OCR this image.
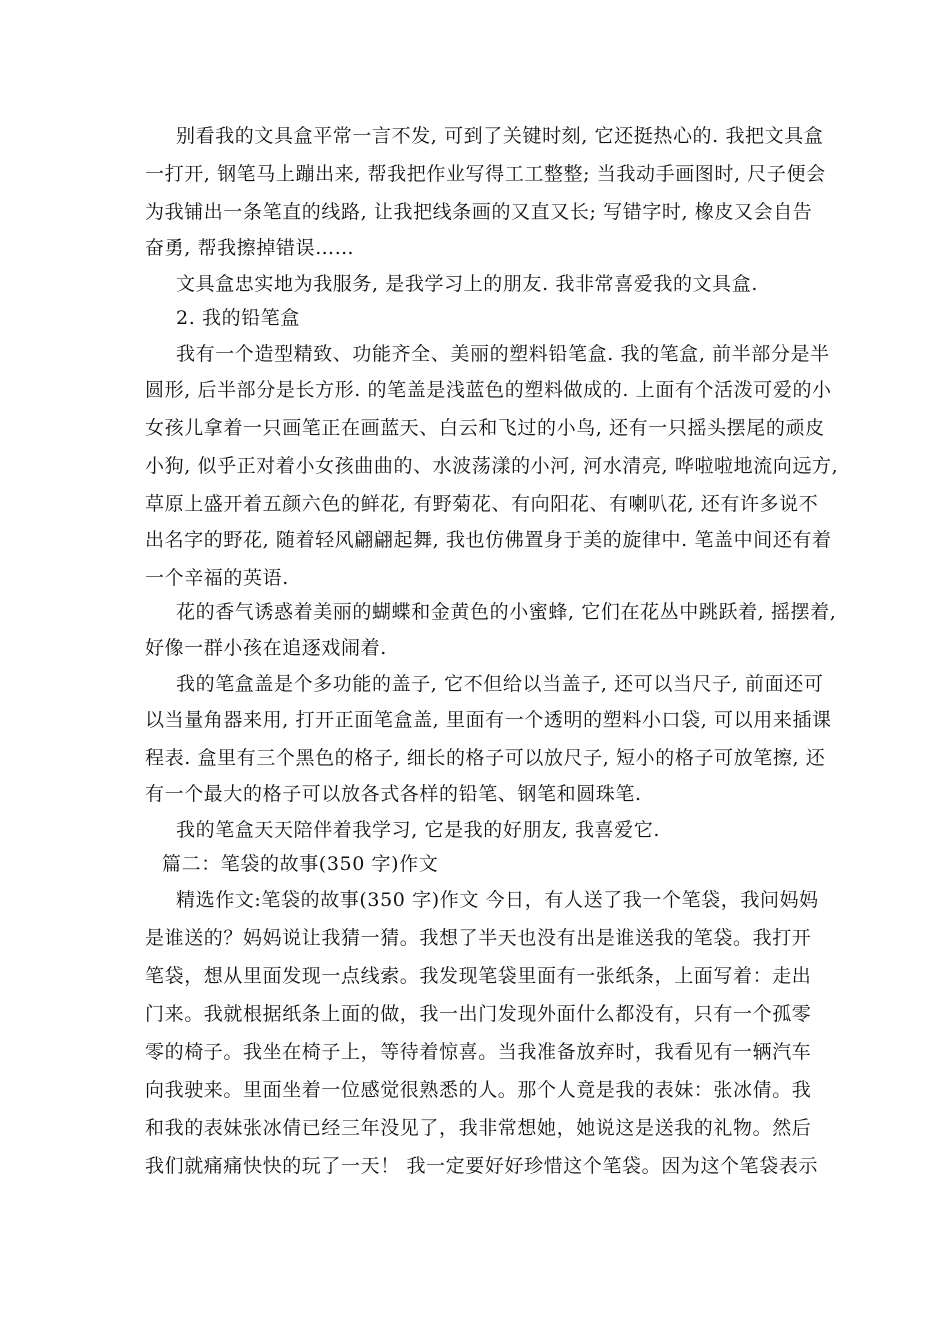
别看我的文具盒平常一言不发, 可到了关键时刻, 它还挺热心的. 我把文具盒
一打开, 钢笔马上蹦出来, 帮我把作业写得工工整整; 当我动手画图时, 尺子便会
为我铺出一条笔直的线路, 让我把线条画的又直又长; 写错字时, 橡皮又会自告
奋勇, 帮我擦掉错误……
文具盒忠实地为我服务, 是我学习上的朋友. 我非常喜爱我的文具盒.
2. 我的铅笔盒
我有一个造型精致、功能齐全、美丽的塑料铅笔盒. 我的笔盒, 前半部分是半
圆形, 后半部分是长方形. 的笔盖是浅蓝色的塑料做成的. 上面有个活泼可爱的小
女孩儿拿着一只画笔正在画蓝天、白云和飞过的小鸟, 还有一只摇头摆尾的顽皮
小狗, 似乎正对着小女孩曲曲的、水波荡漾的小河, 河水清亮, 哗啦啦地流向远方,
草原上盛开着五颜六色的鲜花, 有野菊花、有向阳花、有喇叭花, 还有许多说不
出名字的野花, 随着轻风翩翩起舞, 我也仿佛置身于美的旋律中. 笔盖中间还有着
一个辛福的英语.
花的香气诱惑着美丽的蝴蝶和金黄色的小蜜蜂, 它们在花丛中跳跃着, 摇摆着,
好像一群小孩在追逐戏闹着.
我的笔盒盖是个多功能的盖子, 它不但给以当盖子, 还可以当尺子, 前面还可
以当量角器来用, 打开正面笔盒盖, 里面有一个透明的塑料小口袋, 可以用来插课
程表. 盒里有三个黑色的格子, 细长的格子可以放尺子, 短小的格子可放笔擦, 还
有一个最大的格子可以放各式各样的铅笔、钢笔和圆珠笔.
我的笔盒天天陪伴着我学习, 它是我的好朋友, 我喜爱它.
篇二：笔袋的故事(350 字)作文
精选作文:笔袋的故事(350 字)作文 今日，有人送了我一个笔袋，我问妈妈
是谁送的？妈妈说让我猜一猜。我想了半天也没有出是谁送我的笔袋。我打开
笔袋，想从里面发现一点线索。我发现笔袋里面有一张纸条，上面写着：走出
门来。我就根据纸条上面的做，我一出门发现外面什么都没有，只有一个孤零
零的椅子。我坐在椅子上，等待着惊喜。当我准备放弃时，我看见有一辆汽车
向我驶来。里面坐着一位感觉很熟悉的人。那个人竟是我的表妹：张冰倩。我
和我的表妹张冰倩已经三年没见了，我非常想她，她说这是送我的礼物。然后
我们就痛痛快快的玩了一天！ 我一定要好好珍惜这个笔袋。因为这个笔袋表示
